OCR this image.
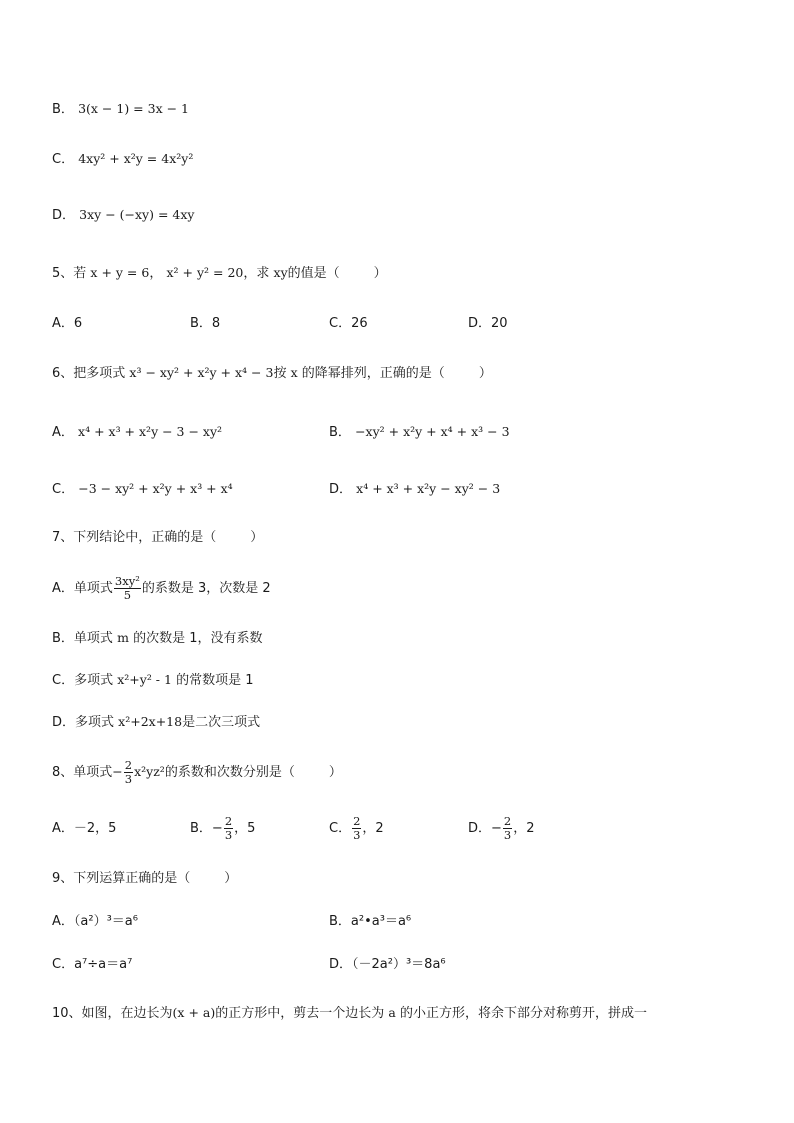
B． 3(x − 1) = 3x − 1
C． 4xy² + x²y = 4x²y²
D． 3xy − (−xy) = 4xy
5、若 x + y = 6， x² + y² = 20，求 xy的值是（	）
A．6	B．8	C．26	D．20
6、把多项式 x³ − xy² + x²y + x⁴ − 3按 x 的降幂排列，正确的是（	）
A． x⁴ + x³ + x²y − 3 − xy²	B． −xy² + x²y + x⁴ + x³ − 3
C． −3 − xy² + x²y + x³ + x⁴	D． x⁴ + x³ + x²y − xy² − 3
7、下列结论中，正确的是（	）
A．单项式 $\frac{\text{3xy²}}{5}$ 的系数是 3，次数是 2
B．单项式 m 的次数是 1，没有系数
C．多项式 x²+y² - 1 的常数项是 1
D．多项式 x²+2x+18是二次三项式
8、单项式− $\frac{2}{3} x^2yz^2$的系数和次数分别是（	）
A．－2，5	B．− $\frac{2}{3}$ ，5	C． $\frac{2}{3}$ ，2	D．− $\frac{2}{3}$ ，2
9、下列运算正确的是（	）
A．（a²）³＝a⁶	B．a²•a³＝a⁶
C．a⁷÷a＝a⁷	D．（－2a²）³＝8a⁶
10、如图，在边长为(x + a)的正方形中，剪去一个边长为 a 的小正方形，将余下部分对称剪开，拼成一
